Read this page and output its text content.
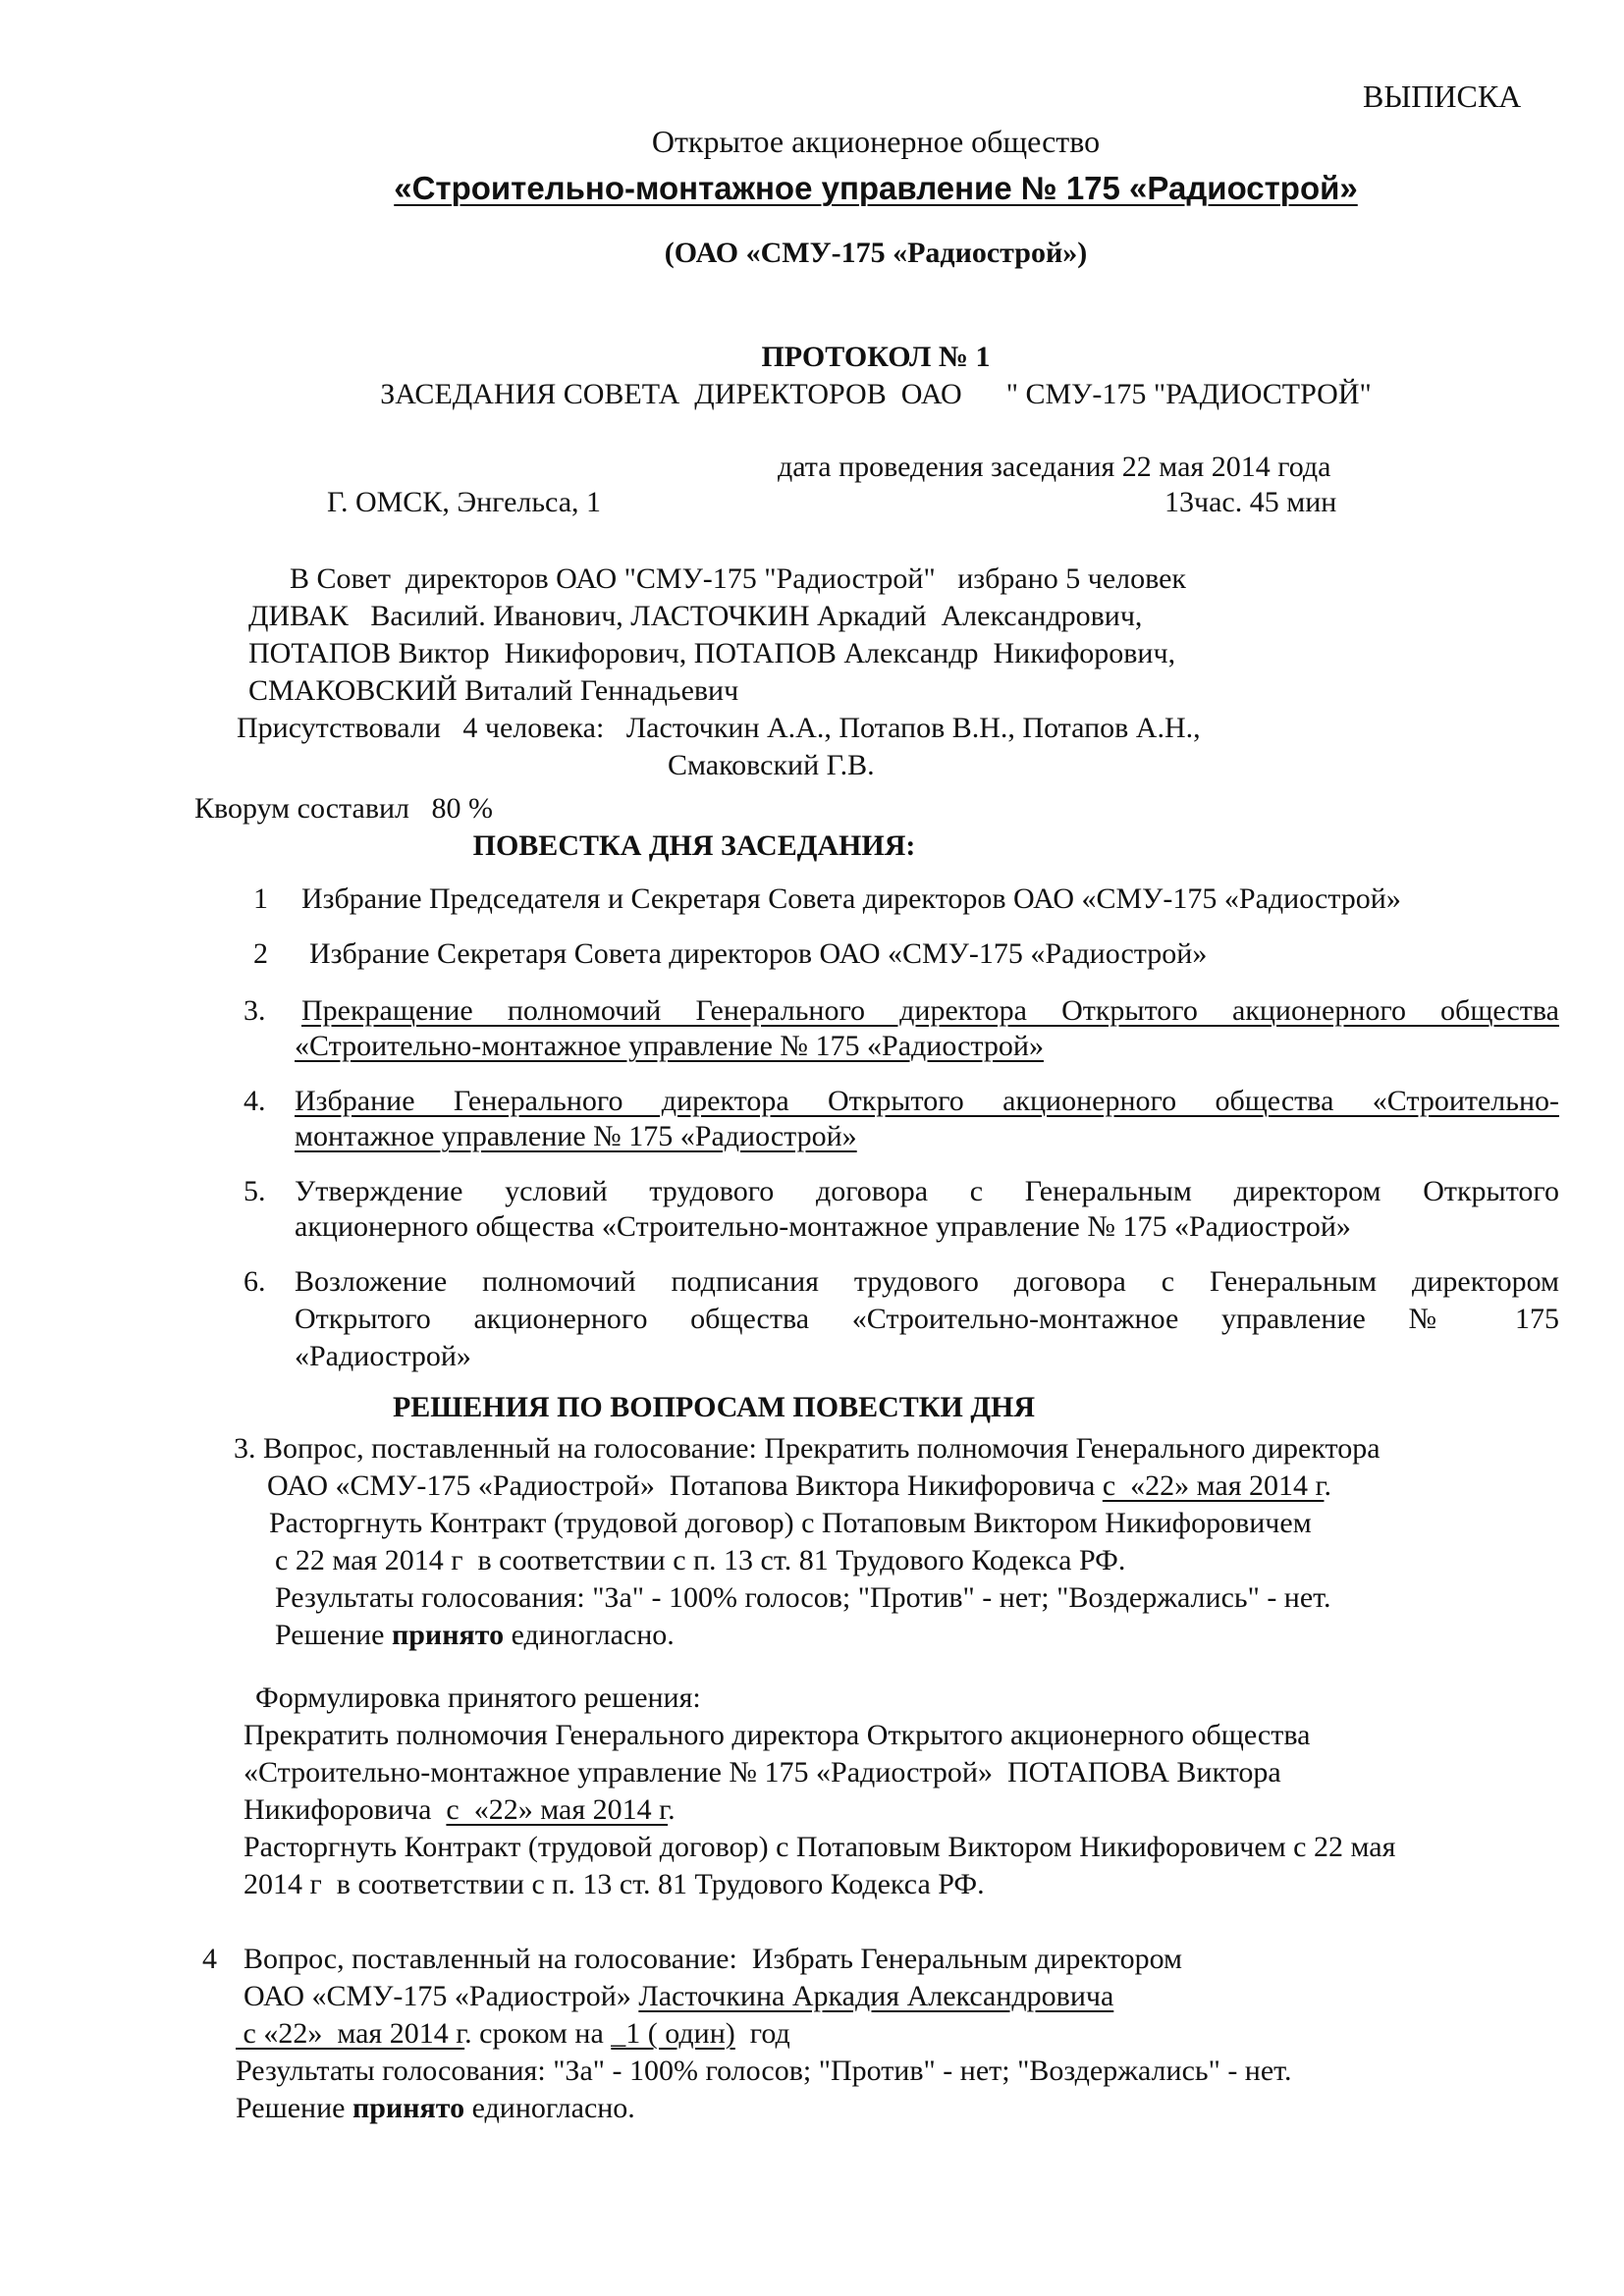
ВЫПИСКА
Открытое акционерное общество
«Строительно-монтажное управление № 175 «Радиострой»
(ОАО «СМУ-175 «Радиострой»)
ПРОТОКОЛ № 1
ЗАСЕДАНИЯ СОВЕТА  ДИРЕКТОРОВ  ОАО      " СМУ-175 "РАДИОСТРОЙ"
дата проведения заседания 22 мая 2014 года
Г. ОМСК, Энгельса, 1	13час. 45 мин
В Совет  директоров ОАО "СМУ-175 "Радиострой"   избрано 5 человек
ДИВАК   Василий. Иванович, ЛАСТОЧКИН Аркадий  Александрович,
ПОТАПОВ Виктор  Никифорович, ПОТАПОВ Александр  Никифорович,
СМАКОВСКИЙ Виталий Геннадьевич
Присутствовали   4 человека:   Ласточкин А.А., Потапов В.Н., Потапов А.Н.,
Смаковский Г.В.
Кворум составил   80 %
ПОВЕСТКА ДНЯ ЗАСЕДАНИЯ:
1 Избрание Председателя и Секретаря Совета директоров ОАО «СМУ-175 «Радиострой»
2 Избрание Секретаря Совета директоров ОАО «СМУ-175 «Радиострой»
3. Прекращение полномочий Генерального директора Открытого акционерного общества
«Строительно-монтажное управление № 175 «Радиострой»
4. Избрание Генерального директора Открытого акционерного общества «Строительно-
монтажное управление № 175 «Радиострой»
5. Утверждение условий трудового договора с Генеральным директором Открытого
акционерного общества «Строительно-монтажное управление № 175 «Радиострой»
6. Возложение полномочий подписания трудового договора с Генеральным директором
Открытого акционерного общества «Строительно-монтажное управление № 175
«Радиострой»
РЕШЕНИЯ ПО ВОПРОСАМ ПОВЕСТКИ ДНЯ
3. Вопрос, поставленный на голосование: Прекратить полномочия Генерального директора
ОАО «СМУ-175 «Радиострой»  Потапова Виктора Никифоровича с  «22» мая 2014 г.
Расторгнуть Контракт (трудовой договор) с Потаповым Виктором Никифоровичем
с 22 мая 2014 г  в соответствии с п. 13 ст. 81 Трудового Кодекса РФ.
Результаты голосования: "За" - 100% голосов; "Против" - нет; "Воздержались" - нет.
Решение принято единогласно.
Формулировка принятого решения:
Прекратить полномочия Генерального директора Открытого акционерного общества
«Строительно-монтажное управление № 175 «Радиострой»  ПОТАПОВА Виктора
Никифоровича  с  «22» мая 2014 г.
Расторгнуть Контракт (трудовой договор) с Потаповым Виктором Никифоровичем с 22 мая
2014 г  в соответствии с п. 13 ст. 81 Трудового Кодекса РФ.
4 Вопрос, поставленный на голосование:  Избрать Генеральным директором
ОАО «СМУ-175 «Радиострой» Ласточкина Аркадия Александровича
с «22»  мая 2014 г. сроком на _1 ( один)  год
Результаты голосования: "За" - 100% голосов; "Против" - нет; "Воздержались" - нет.
Решение принято единогласно.
